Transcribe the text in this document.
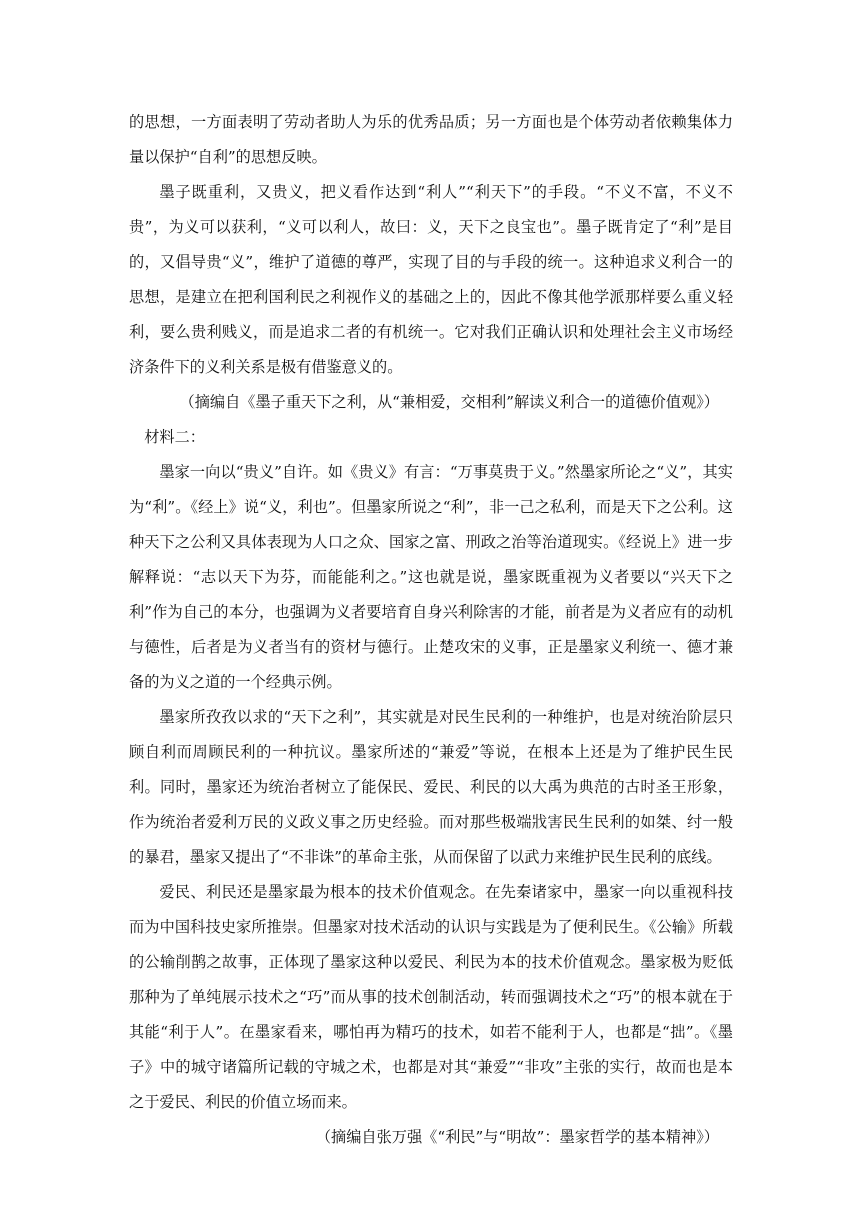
的思想，一方面表明了劳动者助人为乐的优秀品质；另一方面也是个体劳动者依赖集体力量以保护“自利”的思想反映。

墨子既重利，又贵义，把义看作达到“利人”“利天下”的手段。“不义不富，不义不贵”，为义可以获利，“义可以利人，故曰：义，天下之良宝也”。墨子既肯定了“利”是目的，又倡导贵“义”，维护了道德的尊严，实现了目的与手段的统一。这种追求义利合一的思想，是建立在把利国利民之利视作义的基础之上的，因此不像其他学派那样要么重义轻利，要么贵利贱义，而是追求二者的有机统一。它对我们正确认识和处理社会主义市场经济条件下的义利关系是极有借鉴意义的。

（摘编自《墨子重天下之利，从“兼相爱，交相利”解读义利合一的道德价值观》）

材料二：

墨家一向以“贵义”自许。如《贵义》有言：“万事莫贵于义。”然墨家所论之“义”，其实为“利”。《经上》说“义，利也”。但墨家所说之“利”，非一己之私利，而是天下之公利。这种天下之公利又具体表现为人口之众、国家之富、刑政之治等治道现实。《经说上》进一步解释说：“志以天下为芬，而能能利之。”这也就是说，墨家既重视为义者要以“兴天下之利”作为自己的本分，也强调为义者要培育自身兴利除害的才能，前者是为义者应有的动机与德性，后者是为义者当有的资材与德行。止楚攻宋的义事，正是墨家义利统一、德才兼备的为义之道的一个经典示例。

墨家所孜孜以求的“天下之利”，其实就是对民生民利的一种维护，也是对统治阶层只顾自利而周顾民利的一种抗议。墨家所述的“兼爱”等说，在根本上还是为了维护民生民利。同时，墨家还为统治者树立了能保民、爱民、利民的以大禹为典范的古时圣王形象，作为统治者爱利万民的义政义事之历史经验。而对那些极端戕害民生民利的如桀、纣一般的暴君，墨家又提出了“不非诛”的革命主张，从而保留了以武力来维护民生民利的底线。

爱民、利民还是墨家最为根本的技术价值观念。在先秦诸家中，墨家一向以重视科技而为中国科技史家所推崇。但墨家对技术活动的认识与实践是为了便利民生。《公输》所载的公输削鹊之故事，正体现了墨家这种以爱民、利民为本的技术价值观念。墨家极为贬低那种为了单纯展示技术之“巧”而从事的技术创制活动，转而强调技术之“巧”的根本就在于其能“利于人”。在墨家看来，哪怕再为精巧的技术，如若不能利于人，也都是“拙”。《墨子》中的城守诸篇所记载的守城之术，也都是对其“兼爱”“非攻”主张的实行，故而也是本之于爱民、利民的价值立场而来。

（摘编自张万强《“利民”与“明故”：墨家哲学的基本精神》）
